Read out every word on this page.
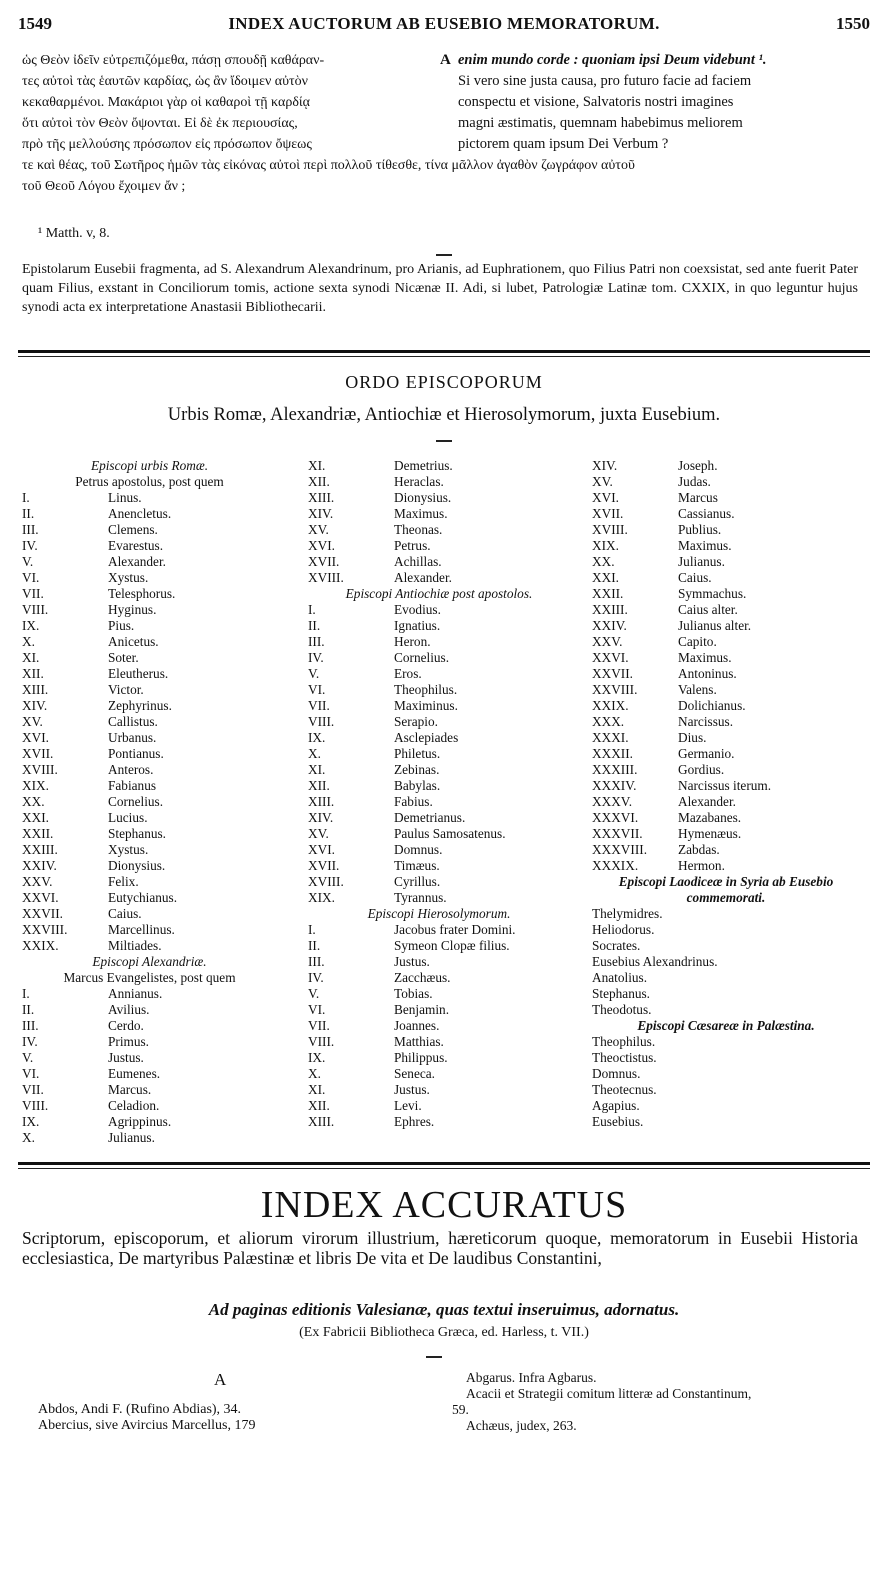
1549	INDEX AUCTORUM AB EUSEBIO MEMORATORUM.	1550
ὡς Θεὸν ἰδεῖν εὐτρεπιζόμεθα, πάσῃ σπουδῇ καθάραν-
τες αὐτοὶ τὰς ἑαυτῶν καρδίας, ὡς ἂν ἴδοιμεν αὐτὸν
κεκαθαρμένοι. Μακάριοι γὰρ οἱ καθαροὶ τῇ καρδίᾳ
ὅτι αὐτοὶ τὸν Θεὸν ὄψονται. Εἰ δὲ ἐκ περιουσίας,
πρὸ τῆς μελλούσης πρόσωπον εἰς πρόσωπον ὄψεως
A enim mundo corde : quoniam ipsi Deum videbunt ¹.
Si vero sine justa causa, pro futuro facie ad faciem
conspectu et visione, Salvatoris nostri imagines
magni æstimatis, quemnam habebimus meliorem
pictorem quam ipsum Dei Verbum ?
τε καὶ θέας, τοῦ Σωτῆρος ἡμῶν τὰς εἰκόνας αὐτοὶ περὶ πολλοῦ τίθεσθε, τίνα μᾶλλον ἀγαθὸν ζωγράφον αὐτοῦ
τοῦ Θεοῦ Λόγου ἔχοιμεν ἄν ;
¹ Matth. v, 8.
Epistolarum Eusebii fragmenta, ad S. Alexandrum Alexandrinum, pro Arianis, ad Euphrationem, quo Filius Patri non coexsistat, sed ante fuerit Pater quam Filius, exstant in Conciliorum tomis, actione sexta synodi Nicænæ II. Adi, si lubet, Patrologiæ Latinæ tom. CXXIX, in quo leguntur hujus synodi acta ex interpretatione Anastasii Bibliothecarii.
ORDO EPISCOPORUM
Urbis Romæ, Alexandriæ, Antiochiæ et Hierosolymorum, juxta Eusebium.
Episcopi urbis Romæ.
Petrus apostolus, post quem
I.	Linus.
II.	Anencletus.
III.	Clemens.
IV.	Evarestus.
V.	Alexander.
VI.	Xystus.
VII.	Telesphorus.
VIII.	Hyginus.
IX.	Pius.
X.	Anicetus.
XI.	Soter.
XII.	Eleutherus.
XIII.	Victor.
XIV.	Zephyrinus.
XV.	Callistus.
XVI.	Urbanus.
XVII.	Pontianus.
XVIII.	Anteros.
XIX.	Fabianus
XX.	Cornelius.
XXI.	Lucius.
XXII.	Stephanus.
XXIII.	Xystus.
XXIV.	Dionysius.
XXV.	Felix.
XXVI.	Eutychianus.
XXVII.	Caius.
XXVIII.	Marcellinus.
XXIX.	Miltiades.
Episcopi Alexandriæ.
Marcus Evangelistes, post quem
I.	Annianus.
II.	Avilius.
III.	Cerdo.
IV.	Primus.
V.	Justus.
VI.	Eumenes.
VII.	Marcus.
VIII.	Celadion.
IX.	Agrippinus.
X.	Julianus.
XI.	Demetrius.
XII.	Heraclas.
XIII.	Dionysius.
XIV.	Maximus.
XV.	Theonas.
XVI.	Petrus.
XVII.	Achillas.
XVIII.	Alexander.
Episcopi Antiochiæ post apostolos.
I.	Evodius.
II.	Ignatius.
III.	Heron.
IV.	Cornelius.
V.	Eros.
VI.	Theophilus.
VII.	Maximinus.
VIII.	Serapio.
IX.	Asclepiades
X.	Philetus.
XI.	Zebinas.
XII.	Babylas.
XIII.	Fabius.
XIV.	Demetrianus.
XV.	Paulus Samosatenus.
XVI.	Domnus.
XVII.	Timæus.
XVIII.	Cyrillus.
XIX.	Tyrannus.
Episcopi Hierosolymorum.
I.	Jacobus frater Domini.
II.	Symeon Clopæ filius.
III.	Justus.
IV.	Zacchæus.
V.	Tobias.
VI.	Benjamin.
VII.	Joannes.
VIII.	Matthias.
IX.	Philippus.
X.	Seneca.
XI.	Justus.
XII.	Levi.
XIII.	Ephres.
XIV.	Joseph.
XV.	Judas.
XVI.	Marcus
XVII.	Cassianus.
XVIII.	Publius.
XIX.	Maximus.
XX.	Julianus.
XXI.	Caius.
XXII.	Symmachus.
XXIII.	Caius alter.
XXIV.	Julianus alter.
XXV.	Capito.
XXVI.	Maximus.
XXVII.	Antoninus.
XXVIII.	Valens.
XXIX.	Dolichianus.
XXX.	Narcissus.
XXXI.	Dius.
XXXII.	Germanio.
XXXIII.	Gordius.
XXXIV.	Narcissus iterum.
XXXV.	Alexander.
XXXVI.	Mazabanes.
XXXVII.	Hymenæus.
XXXVIII. Zabdas.
XXXIX.	Hermon.
Episcopi Laodiceæ in Syria ab Eusebio commemorati.
Thelymidres.
Heliodorus.
Socrates.
Eusebius Alexandrinus.
Anatolius.
Stephanus.
Theodotus.
Episcopi Cæsareæ in Palæstina.
Theophilus.
Theoctistus.
Domnus.
Theotecnus.
Agapius.
Eusebius.
INDEX ACCURATUS
Scriptorum, episcoporum, et aliorum virorum illustrium, hæreticorum quoque, memoratorum in Eusebii Historia ecclesiastica, De martyribus Palæstinæ et libris De vita et De laudibus Constantini,
Ad paginas editionis Valesianæ, quas textui inseruimus, adornatus.
(Ex Fabricii Bibliotheca Græca, ed. Harless, t. VII.)
A
Abdos, Andi F. (Rufino Abdias), 34.
Abercius, sive Avircius Marcellus, 179
Abgarus. Infra Agbarus.
Acacii et Strategii comitum litteræ ad Constantinum,
59.
Achæus, judex, 263.
